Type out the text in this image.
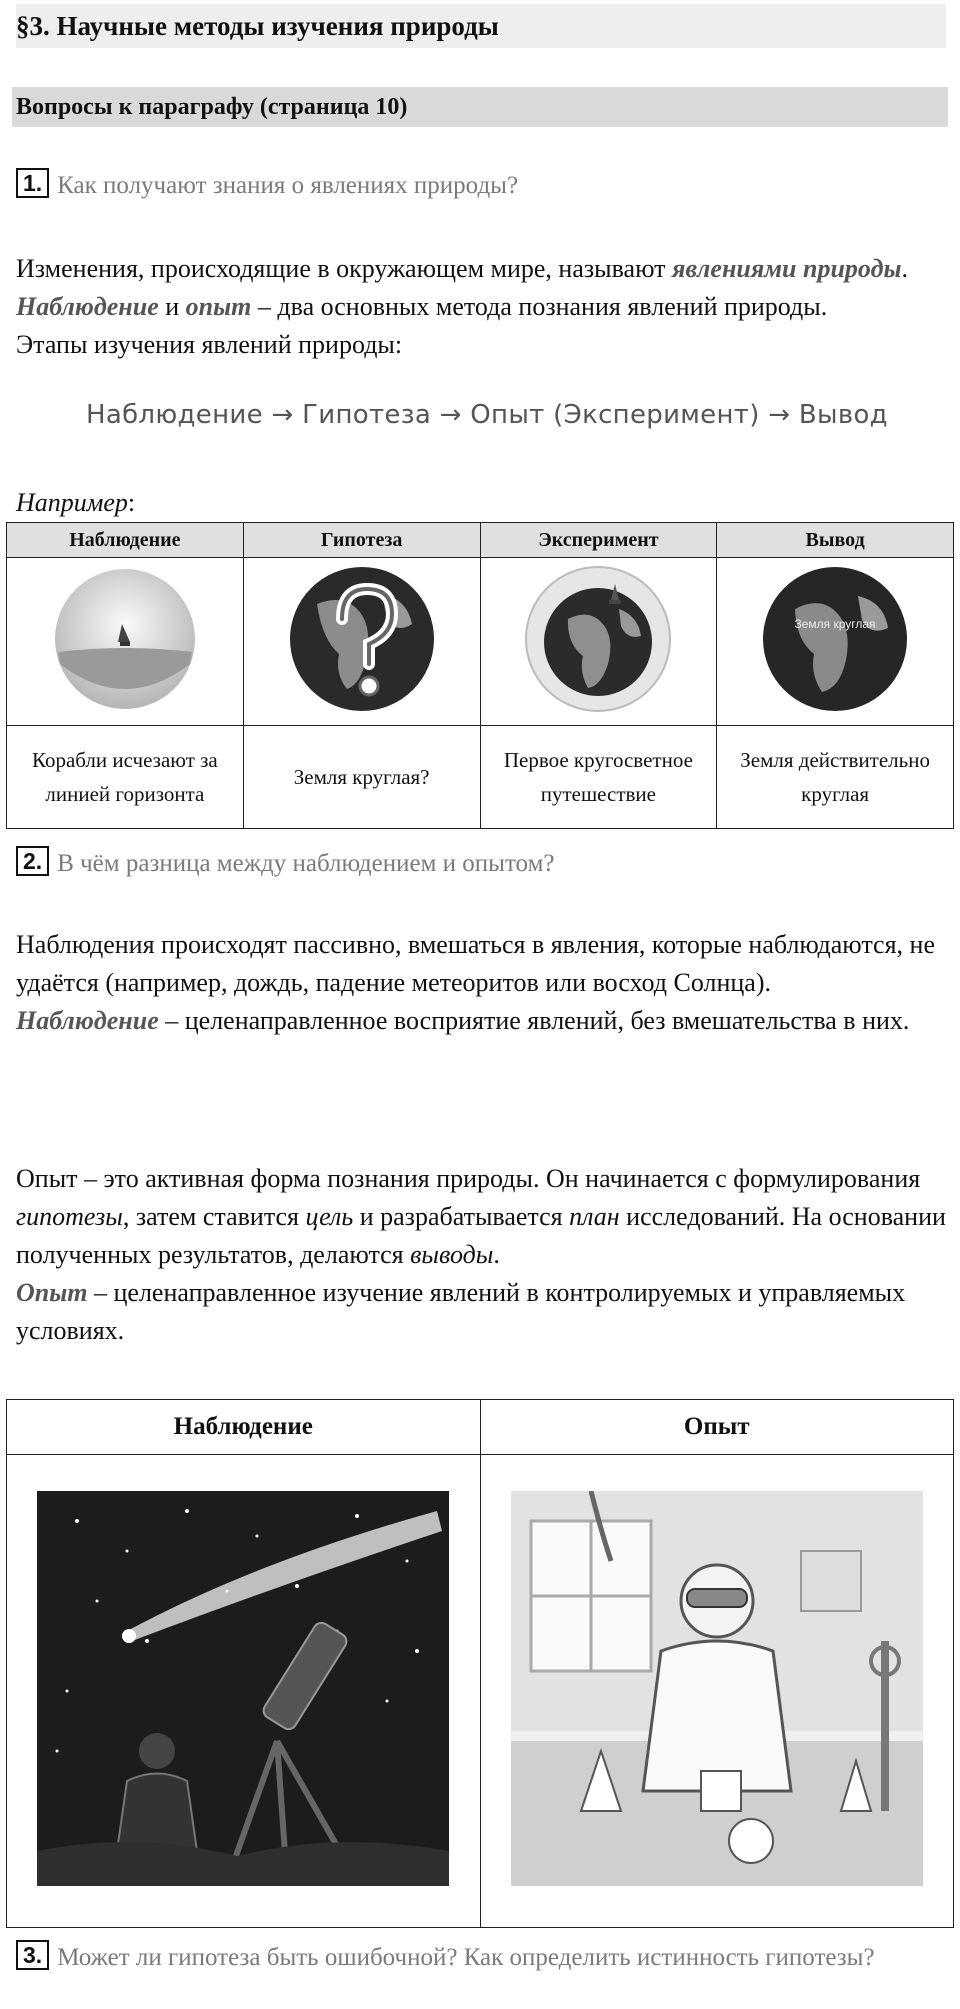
§3. Научные методы изучения природы
Вопросы к параграфу (страница 10)
1. Как получают знания о явлениях природы?
Изменения, происходящие в окружающем мире, называют явлениями природы.
Наблюдение и опыт – два основных метода познания явлений природы.
Этапы изучения явлений природы:
Наблюдение → Гипотеза → Опыт (Эксперимент) → Вывод
Например:
Наблюдение	Гипотеза	Эксперимент	Вывод

Земля круглая

Корабли исчезают за линией горизонта	Земля круглая?	Первое кругосветное путешествие	Земля действительно круглая
2. В чём разница между наблюдением и опытом?
Наблюдения происходят пассивно, вмешаться в явления, которые наблюдаются, не удаётся (например, дождь, падение метеоритов или восход Солнца).
Наблюдение – целенаправленное восприятие явлений, без вмешательства в них.
Опыт – это активная форма познания природы. Он начинается с формулирования гипотезы, затем ставится цель и разрабатывается план исследований. На основании полученных результатов, делаются выводы.
Опыт – целенаправленное изучение явлений в контролируемых и управляемых условиях.
Наблюдение	Опыт

3. Может ли гипотеза быть ошибочной? Как определить истинность гипотезы?
